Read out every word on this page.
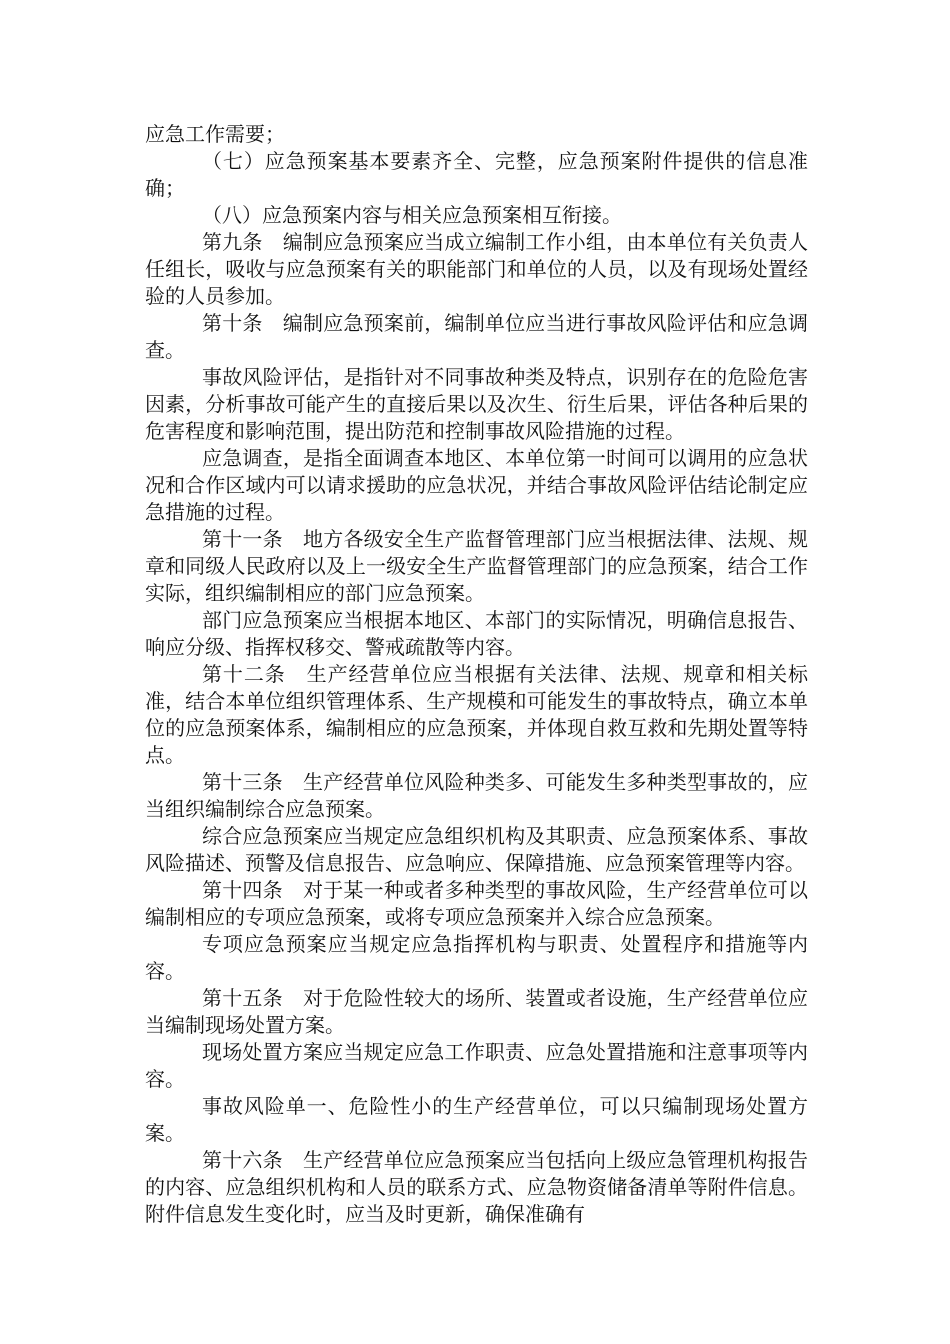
应急工作需要；

（七）应急预案基本要素齐全、完整，应急预案附件提供的信息准确；

（八）应急预案内容与相关应急预案相互衔接。

第九条　编制应急预案应当成立编制工作小组，由本单位有关负责人任组长，吸收与应急预案有关的职能部门和单位的人员，以及有现场处置经验的人员参加。

第十条　编制应急预案前，编制单位应当进行事故风险评估和应急调查。

事故风险评估，是指针对不同事故种类及特点，识别存在的危险危害因素，分析事故可能产生的直接后果以及次生、衍生后果，评估各种后果的危害程度和影响范围，提出防范和控制事故风险措施的过程。

应急调查，是指全面调查本地区、本单位第一时间可以调用的应急状况和合作区域内可以请求援助的应急状况，并结合事故风险评估结论制定应急措施的过程。

第十一条　地方各级安全生产监督管理部门应当根据法律、法规、规章和同级人民政府以及上一级安全生产监督管理部门的应急预案，结合工作实际，组织编制相应的部门应急预案。

部门应急预案应当根据本地区、本部门的实际情况，明确信息报告、响应分级、指挥权移交、警戒疏散等内容。

第十二条　生产经营单位应当根据有关法律、法规、规章和相关标准，结合本单位组织管理体系、生产规模和可能发生的事故特点，确立本单位的应急预案体系，编制相应的应急预案，并体现自救互救和先期处置等特点。

第十三条　生产经营单位风险种类多、可能发生多种类型事故的，应当组织编制综合应急预案。

综合应急预案应当规定应急组织机构及其职责、应急预案体系、事故风险描述、预警及信息报告、应急响应、保障措施、应急预案管理等内容。

第十四条　对于某一种或者多种类型的事故风险，生产经营单位可以编制相应的专项应急预案，或将专项应急预案并入综合应急预案。

专项应急预案应当规定应急指挥机构与职责、处置程序和措施等内容。

第十五条　对于危险性较大的场所、装置或者设施，生产经营单位应当编制现场处置方案。

现场处置方案应当规定应急工作职责、应急处置措施和注意事项等内容。

事故风险单一、危险性小的生产经营单位，可以只编制现场处置方案。

第十六条　生产经营单位应急预案应当包括向上级应急管理机构报告的内容、应急组织机构和人员的联系方式、应急物资储备清单等附件信息。附件信息发生变化时，应当及时更新，确保准确有
